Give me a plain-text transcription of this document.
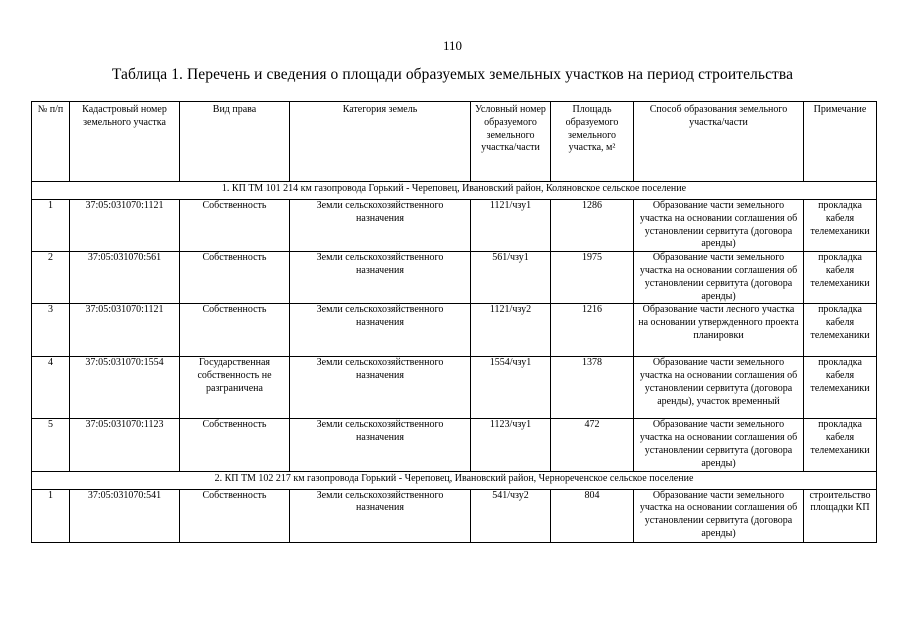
110
Таблица 1. Перечень и сведения о площади образуемых земельных участков на период строительства
№ п/п	Кадастровый номер земельного участка	Вид права	Категория земель	Условный номер образуемого земельного участка/части	Площадь образуемого земельного участка, м²	Способ образования земельного участка/части	Примечание
1. КП ТМ 101 214 км газопровода Горький - Череповец, Ивановский район, Коляновское сельское поселение							
1	37:05:031070:1121	Собственность	Земли сельскохозяйственного назначения	1121/чзу1	1286	Образование части земельного участка на основании соглашения об установлении сервитута (договора аренды)	прокладка кабеля телемеханики
2	37:05:031070:561	Собственность	Земли сельскохозяйственного назначения	561/чзу1	1975	Образование части земельного участка на основании соглашения об установлении сервитута (договора аренды)	прокладка кабеля телемеханики
3	37:05:031070:1121	Собственность	Земли сельскохозяйственного назначения	1121/чзу2	1216	Образование части лесного участка на основании утвержденного проекта планировки	прокладка кабеля телемеханики
4	37:05:031070:1554	Государственная собственность не разграничена	Земли сельскохозяйственного назначения	1554/чзу1	1378	Образование части земельного участка на основании соглашения об установлении сервитута (договора аренды), участок временный	прокладка кабеля телемеханики
5	37:05:031070:1123	Собственность	Земли сельскохозяйственного назначения	1123/чзу1	472	Образование части земельного участка на основании соглашения об установлении сервитута (договора аренды)	прокладка кабеля телемеханики
2. КП ТМ 102 217 км газопровода Горький - Череповец, Ивановский район, Чернореченское сельское поселение							
1	37:05:031070:541	Собственность	Земли сельскохозяйственного назначения	541/чзу2	804	Образование части земельного участка на основании соглашения об установлении сервитута (договора аренды)	строительство площадки КП
